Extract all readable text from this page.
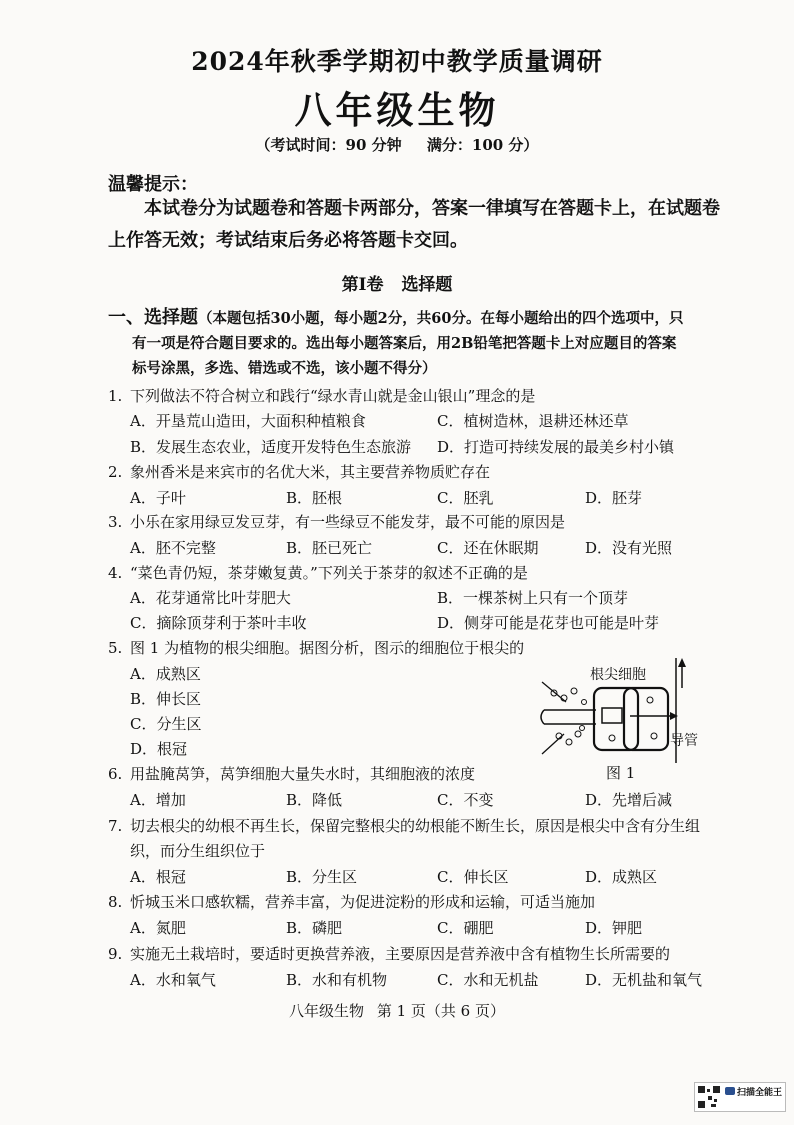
2024年秋季学期初中教学质量调研
八年级生物
（考试时间：90 分钟 满分：100 分）
温馨提示：
本试卷分为试题卷和答题卡两部分，答案一律填写在答题卡上，在试题卷上作答无效；考试结束后务必将答题卡交回。
第Ⅰ卷 选择题
一、选择题（本题包括30小题，每小题2分，共60分。在每小题给出的四个选项中，只
有一项是符合题目要求的。选出每小题答案后，用2B铅笔把答题卡上对应题目的答案
标号涂黑，多选、错选或不选，该小题不得分）
1. 下列做法不符合树立和践行“绿水青山就是金山银山”理念的是
A．开垦荒山造田，大面积种植粮食	C．植树造林，退耕还林还草
B．发展生态农业，适度开发特色生态旅游 D．打造可持续发展的最美乡村小镇
2. 象州香米是来宾市的名优大米，其主要营养物质贮存在
A．子叶	B．胚根	C．胚乳	D．胚芽
3. 小乐在家用绿豆发豆芽，有一些绿豆不能发芽，最不可能的原因是
A．胚不完整	B．胚已死亡	C．还在休眠期	D．没有光照
4. “菜色青仍短，茶芽嫩复黄。”下列关于茶芽的叙述不正确的是
A．花芽通常比叶芽肥大	B．一棵茶树上只有一个顶芽
C．摘除顶芽利于茶叶丰收	D．侧芽可能是花芽也可能是叶芽
5. 图 1 为植物的根尖细胞。据图分析，图示的细胞位于根尖的
A．成熟区
B．伸长区
C．分生区
D．根冠
根尖细胞
导管
图 1
6. 用盐腌莴笋，莴笋细胞大量失水时，其细胞液的浓度
A．增加	B．降低	C．不变	D．先增后减
7. 切去根尖的幼根不再生长，保留完整根尖的幼根能不断生长，原因是根尖中含有分生组
织，而分生组织位于
A．根冠	B．分生区	C．伸长区	D．成熟区
8. 忻城玉米口感软糯，营养丰富，为促进淀粉的形成和运输，可适当施加
A．氮肥	B．磷肥	C．硼肥	D．钾肥
9. 实施无土栽培时，要适时更换营养液，主要原因是营养液中含有植物生长所需要的
A．水和氧气	B．水和有机物	C．水和无机盐	D．无机盐和氧气
八年级生物 第 1 页（共 6 页）
扫描全能王
